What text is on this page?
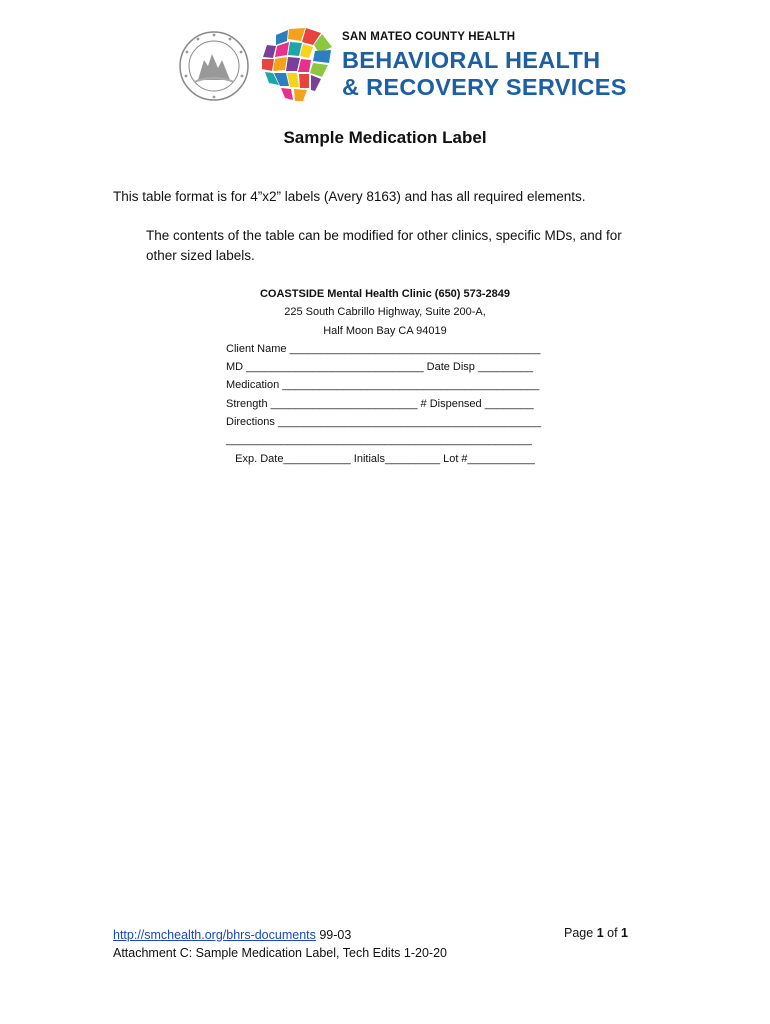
SAN MATEO COUNTY HEALTH
BEHAVIORAL HEALTH
& RECOVERY SERVICES
Sample Medication Label
This table format is for 4”x2” labels (Avery 8163) and has all required elements.
The contents of the table can be modified for other clinics, specific MDs, and for other sized labels.
COASTSIDE Mental Health Clinic (650) 573-2849
225 South Cabrillo Highway, Suite 200-A,
Half Moon Bay CA 94019
Client Name _________________________________________
MD _____________________________ Date Disp _________
Medication __________________________________________
Strength ________________________ # Dispensed ________
Directions ___________________________________________
__________________________________________________
Exp. Date___________ Initials_________ Lot #___________
http://smchealth.org/bhrs-documents 99-03
Attachment C: Sample Medication Label, Tech Edits 1-20-20
Page 1 of 1
